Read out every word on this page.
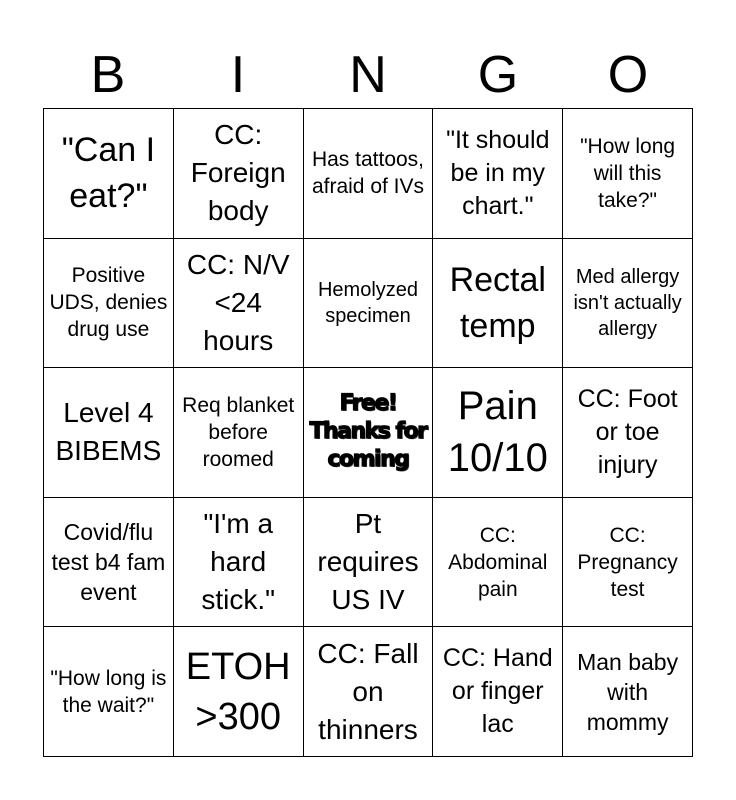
B	I	N	G	O
"Can I eat?"
CC: Foreign body
Has tattoos, afraid of IVs
"It should be in my chart."
"How long will this take?"
Positive UDS, denies drug use
CC: N/V <24 hours
Hemolyzed specimen
Rectal temp
Med allergy isn't actually allergy
Level 4 BIBEMS
Req blanket before roomed
Free! Thanks for coming
Pain 10/10
CC: Foot or toe injury
Covid/flu test b4 fam event
"I'm a hard stick."
Pt requires US IV
CC: Abdominal pain
CC: Pregnancy test
"How long is the wait?"
ETOH >300
CC: Fall on thinners
CC: Hand or finger lac
Man baby with mommy
